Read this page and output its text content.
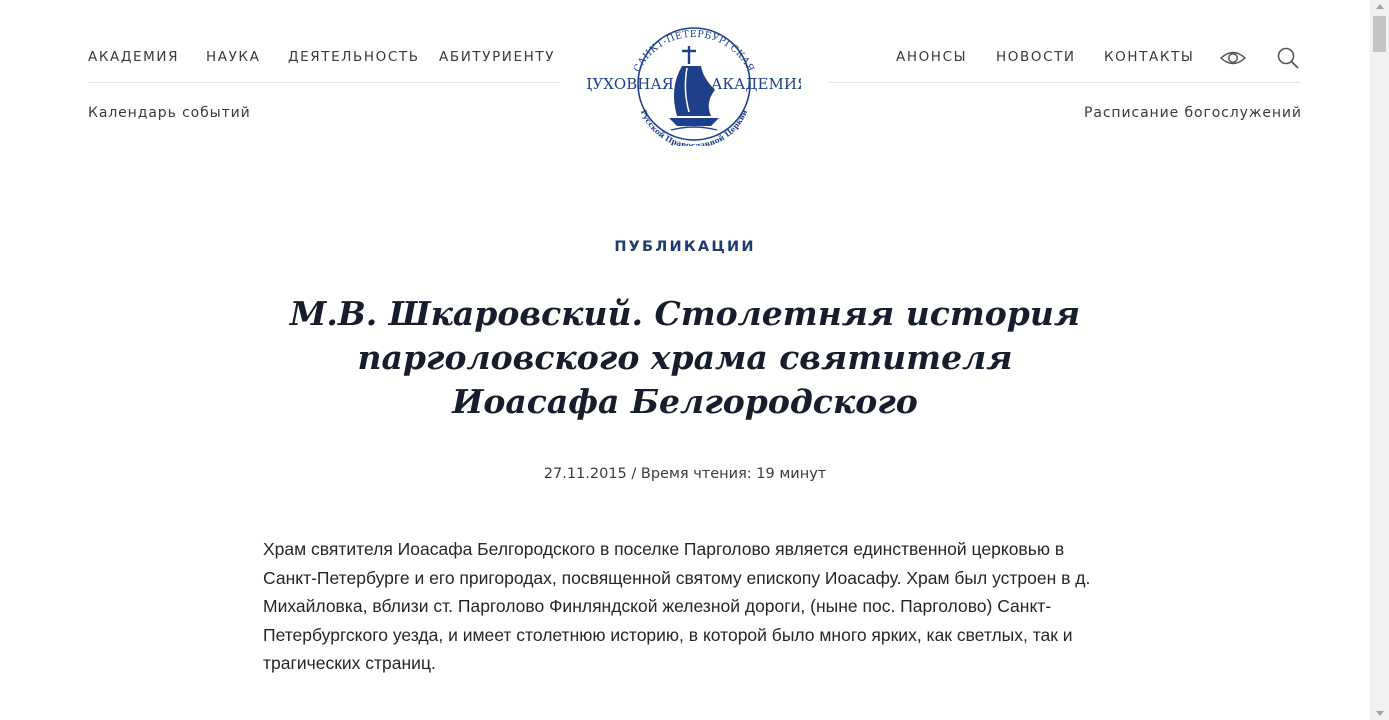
АКАДЕМИЯ НАУКА ДЕЯТЕЛЬНОСТЬ АБИТУРИЕНТУ
Календарь событий
САНКТ-ПЕТЕРБУРГСКАЯ
Русской Православной Церкви
ДУХОВНАЯ АКАДЕМИЯ
АНОНСЫ НОВОСТИ КОНТАКТЫ
Расписание богослужений
ПУБЛИКАЦИИ
М.В. Шкаровский. Столетняя история парголовского храма святителя Иоасафа Белгородского
27.11.2015 / Время чтения: 19 минут

Храм святителя Иоасафа Белгородского в поселке Парголово является единственной церковью в Санкт-Петербурге и его пригородах, посвященной святому епископу Иоасафу. Храм был устроен в д. Михайловка, вблизи ст. Парголово Финляндской железной дороги, (ныне пос. Парголово) Санкт-Петербургского уезда, и имеет столетнюю историю, в которой было много ярких, как светлых, так и трагических страниц.
